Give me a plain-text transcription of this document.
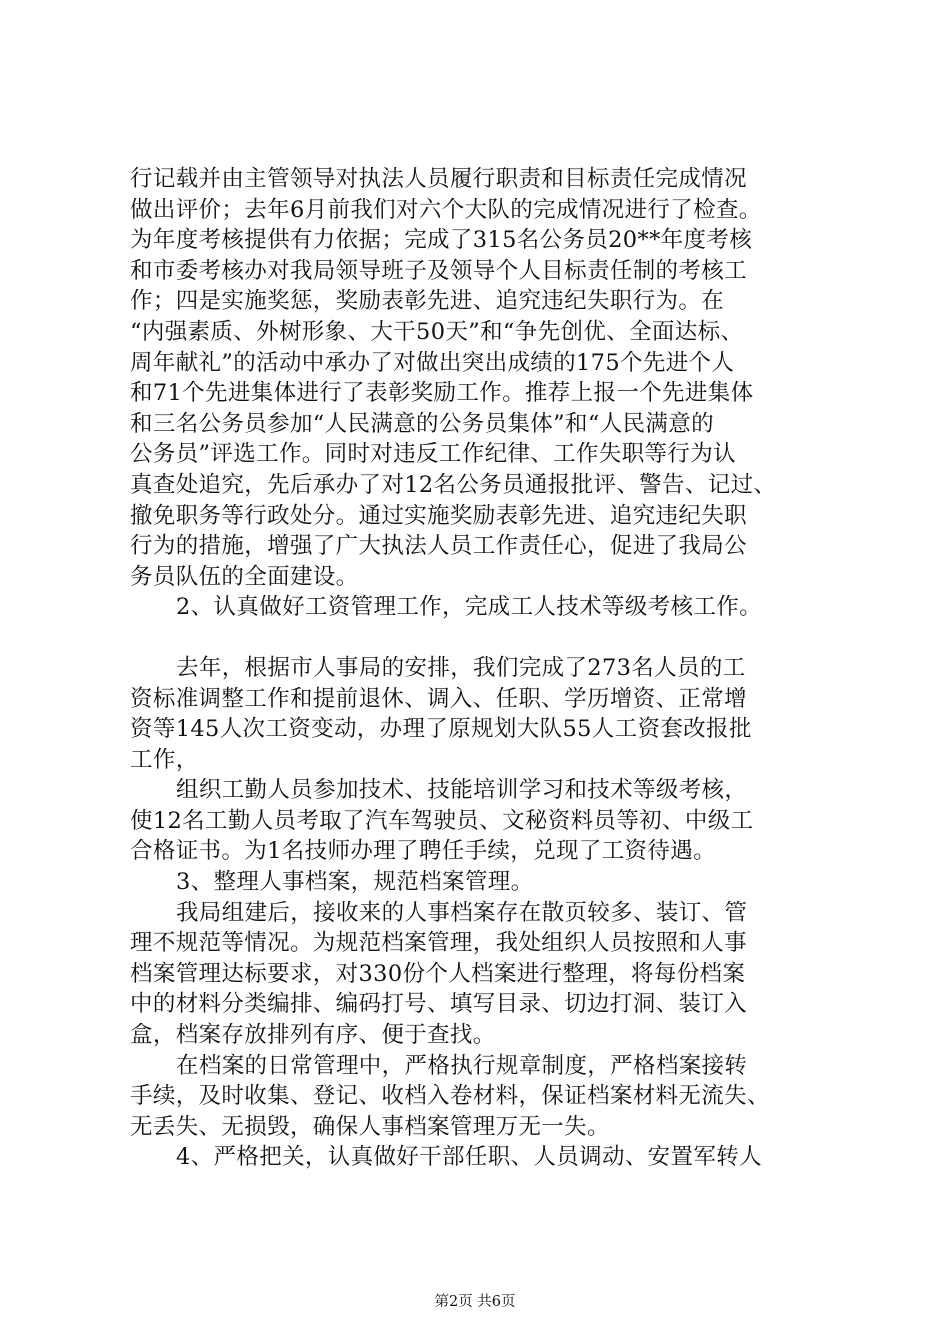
行记载并由主管领导对执法人员履行职责和目标责任完成情况

做出评价；去年6月前我们对六个大队的完成情况进行了检查。

为年度考核提供有力依据；完成了315名公务员20**年度考核

和市委考核办对我局领导班子及领导个人目标责任制的考核工

作；四是实施奖惩，奖励表彰先进、追究违纪失职行为。在

“内强素质、外树形象、大干50天”和“争先创优、全面达标、

周年献礼”的活动中承办了对做出突出成绩的175个先进个人

和71个先进集体进行了表彰奖励工作。推荐上报一个先进集体

和三名公务员参加“人民满意的公务员集体”和“人民满意的

公务员”评选工作。同时对违反工作纪律、工作失职等行为认

真查处追究，先后承办了对12名公务员通报批评、警告、记过、

撤免职务等行政处分。通过实施奖励表彰先进、追究违纪失职

行为的措施，增强了广大执法人员工作责任心，促进了我局公

务员队伍的全面建设。

2、认真做好工资管理工作，完成工人技术等级考核工作。

去年，根据市人事局的安排，我们完成了273名人员的工

资标准调整工作和提前退休、调入、任职、学历增资、正常增

资等145人次工资变动，办理了原规划大队55人工资套改报批

工作，

组织工勤人员参加技术、技能培训学习和技术等级考核，

使12名工勤人员考取了汽车驾驶员、文秘资料员等初、中级工

合格证书。为1名技师办理了聘任手续，兑现了工资待遇。

3、整理人事档案，规范档案管理。

我局组建后，接收来的人事档案存在散页较多、装订、管

理不规范等情况。为规范档案管理，我处组织人员按照和人事

档案管理达标要求，对330份个人档案进行整理，将每份档案

中的材料分类编排、编码打号、填写目录、切边打洞、装订入

盒，档案存放排列有序、便于查找。

在档案的日常管理中，严格执行规章制度，严格档案接转

手续，及时收集、登记、收档入卷材料，保证档案材料无流失、

无丢失、无损毁，确保人事档案管理万无一失。

4、严格把关，认真做好干部任职、人员调动、安置军转人

第2页 共6页
